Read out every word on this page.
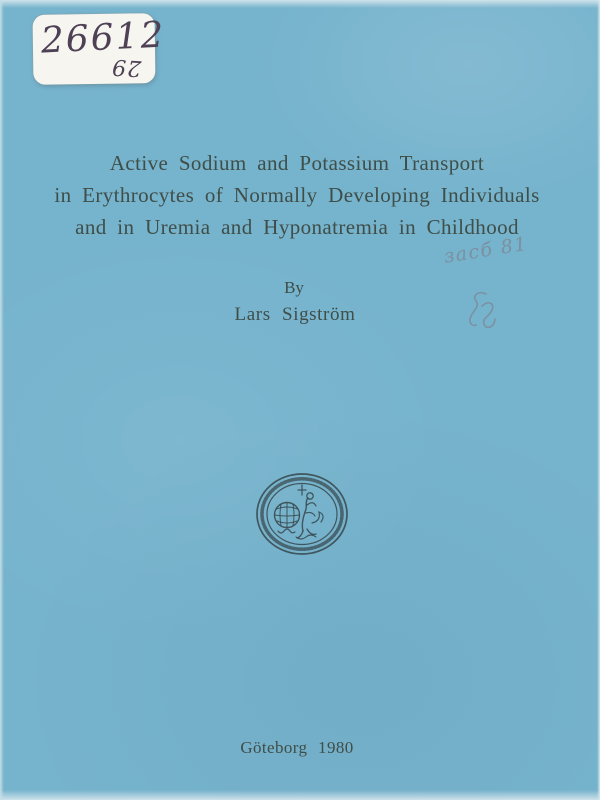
26612
29
Active Sodium and Potassium Transport
in Erythrocytes of Normally Developing Individuals
and in Uremia and Hyponatremia in Childhood
By
Lars Sigström
засб 81
Göteborg 1980
